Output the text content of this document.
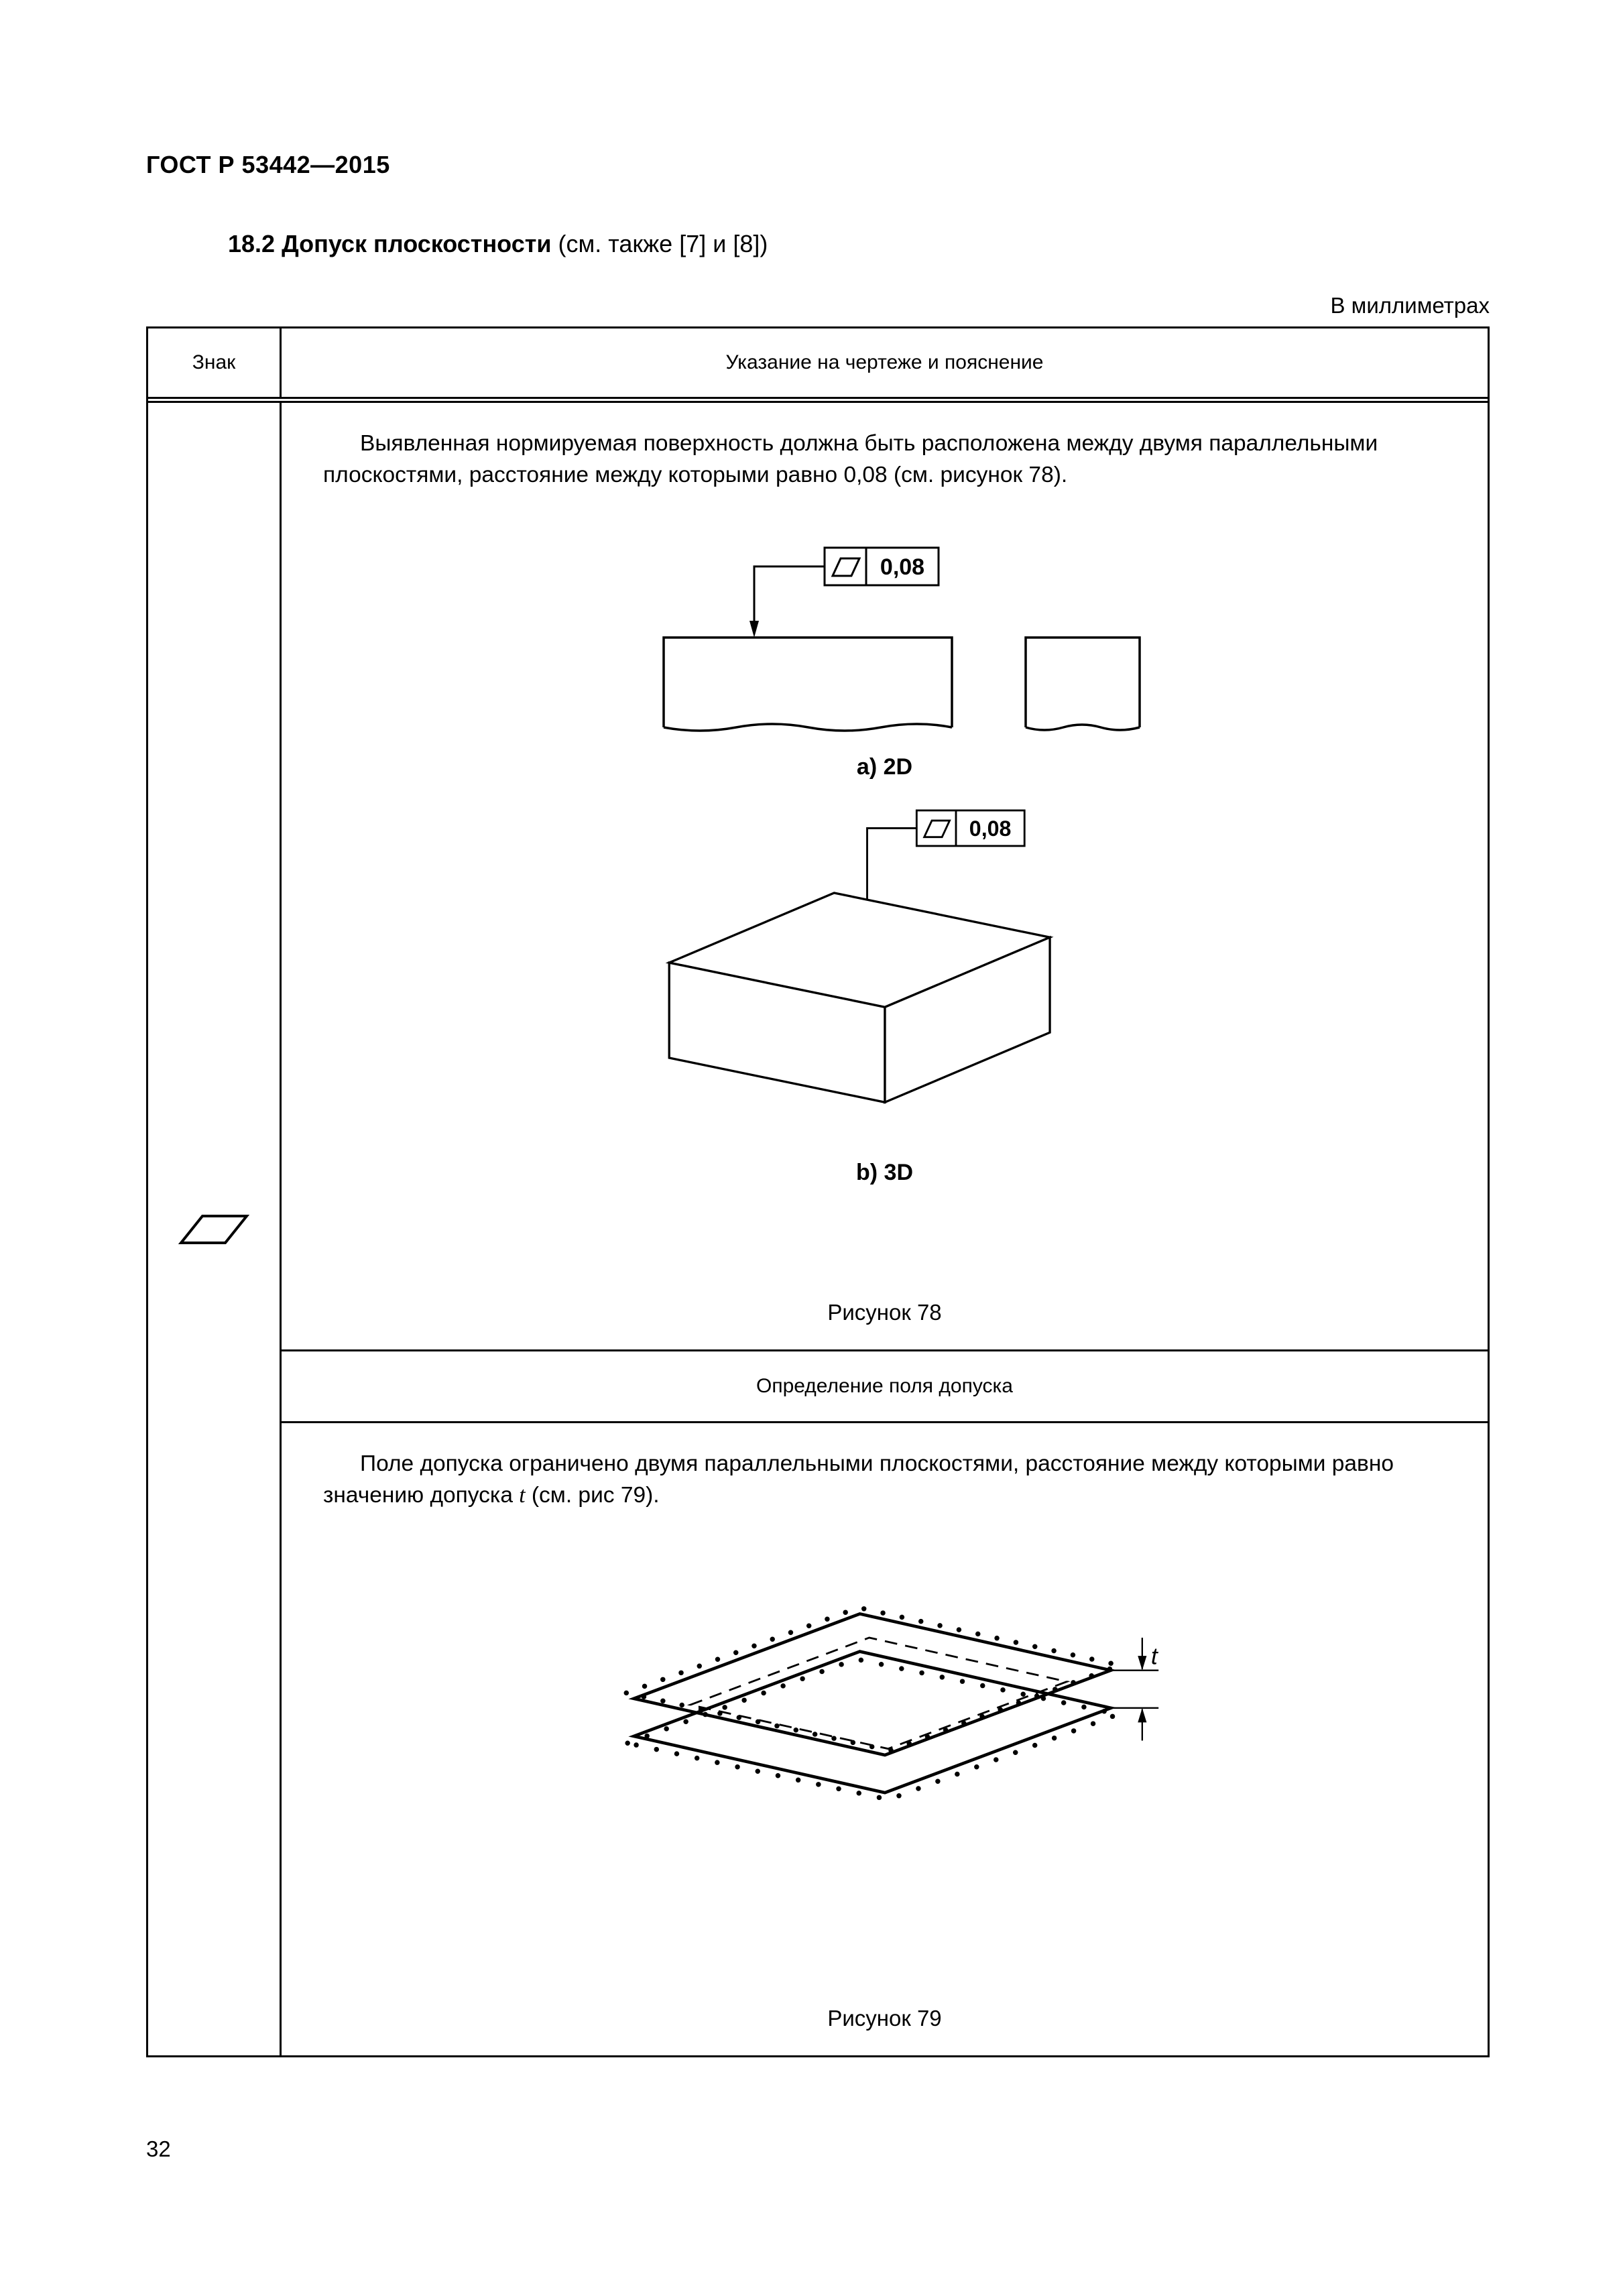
ГОСТ Р 53442—2015
18.2 Допуск плоскостности (см. также [7] и [8])
В миллиметрах
Знак	Указание на чертеже и пояснение

Выявленная нормируемая поверхность должна быть расположена между двумя параллельными плоскостями, расстояние между которыми равно 0,08 (см. рисунок 78).

0,08
a) 2D
0,08
b) 3D
Рисунок 78
Определение поля допуска

Поле допуска ограничено двумя параллельными плоскостями, расстояние между которыми равно значению допуска t (см. рис 79).

t
Рисунок 79
32
